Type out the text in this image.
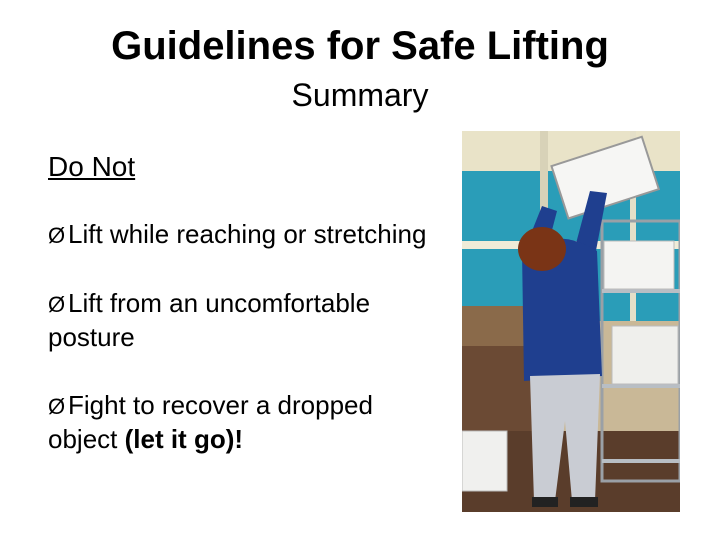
Guidelines for Safe Lifting
Summary
Do Not
Ø Lift while reaching or stretching
Ø Lift from an uncomfortable posture
Ø Fight to recover a dropped object (let it go)!
